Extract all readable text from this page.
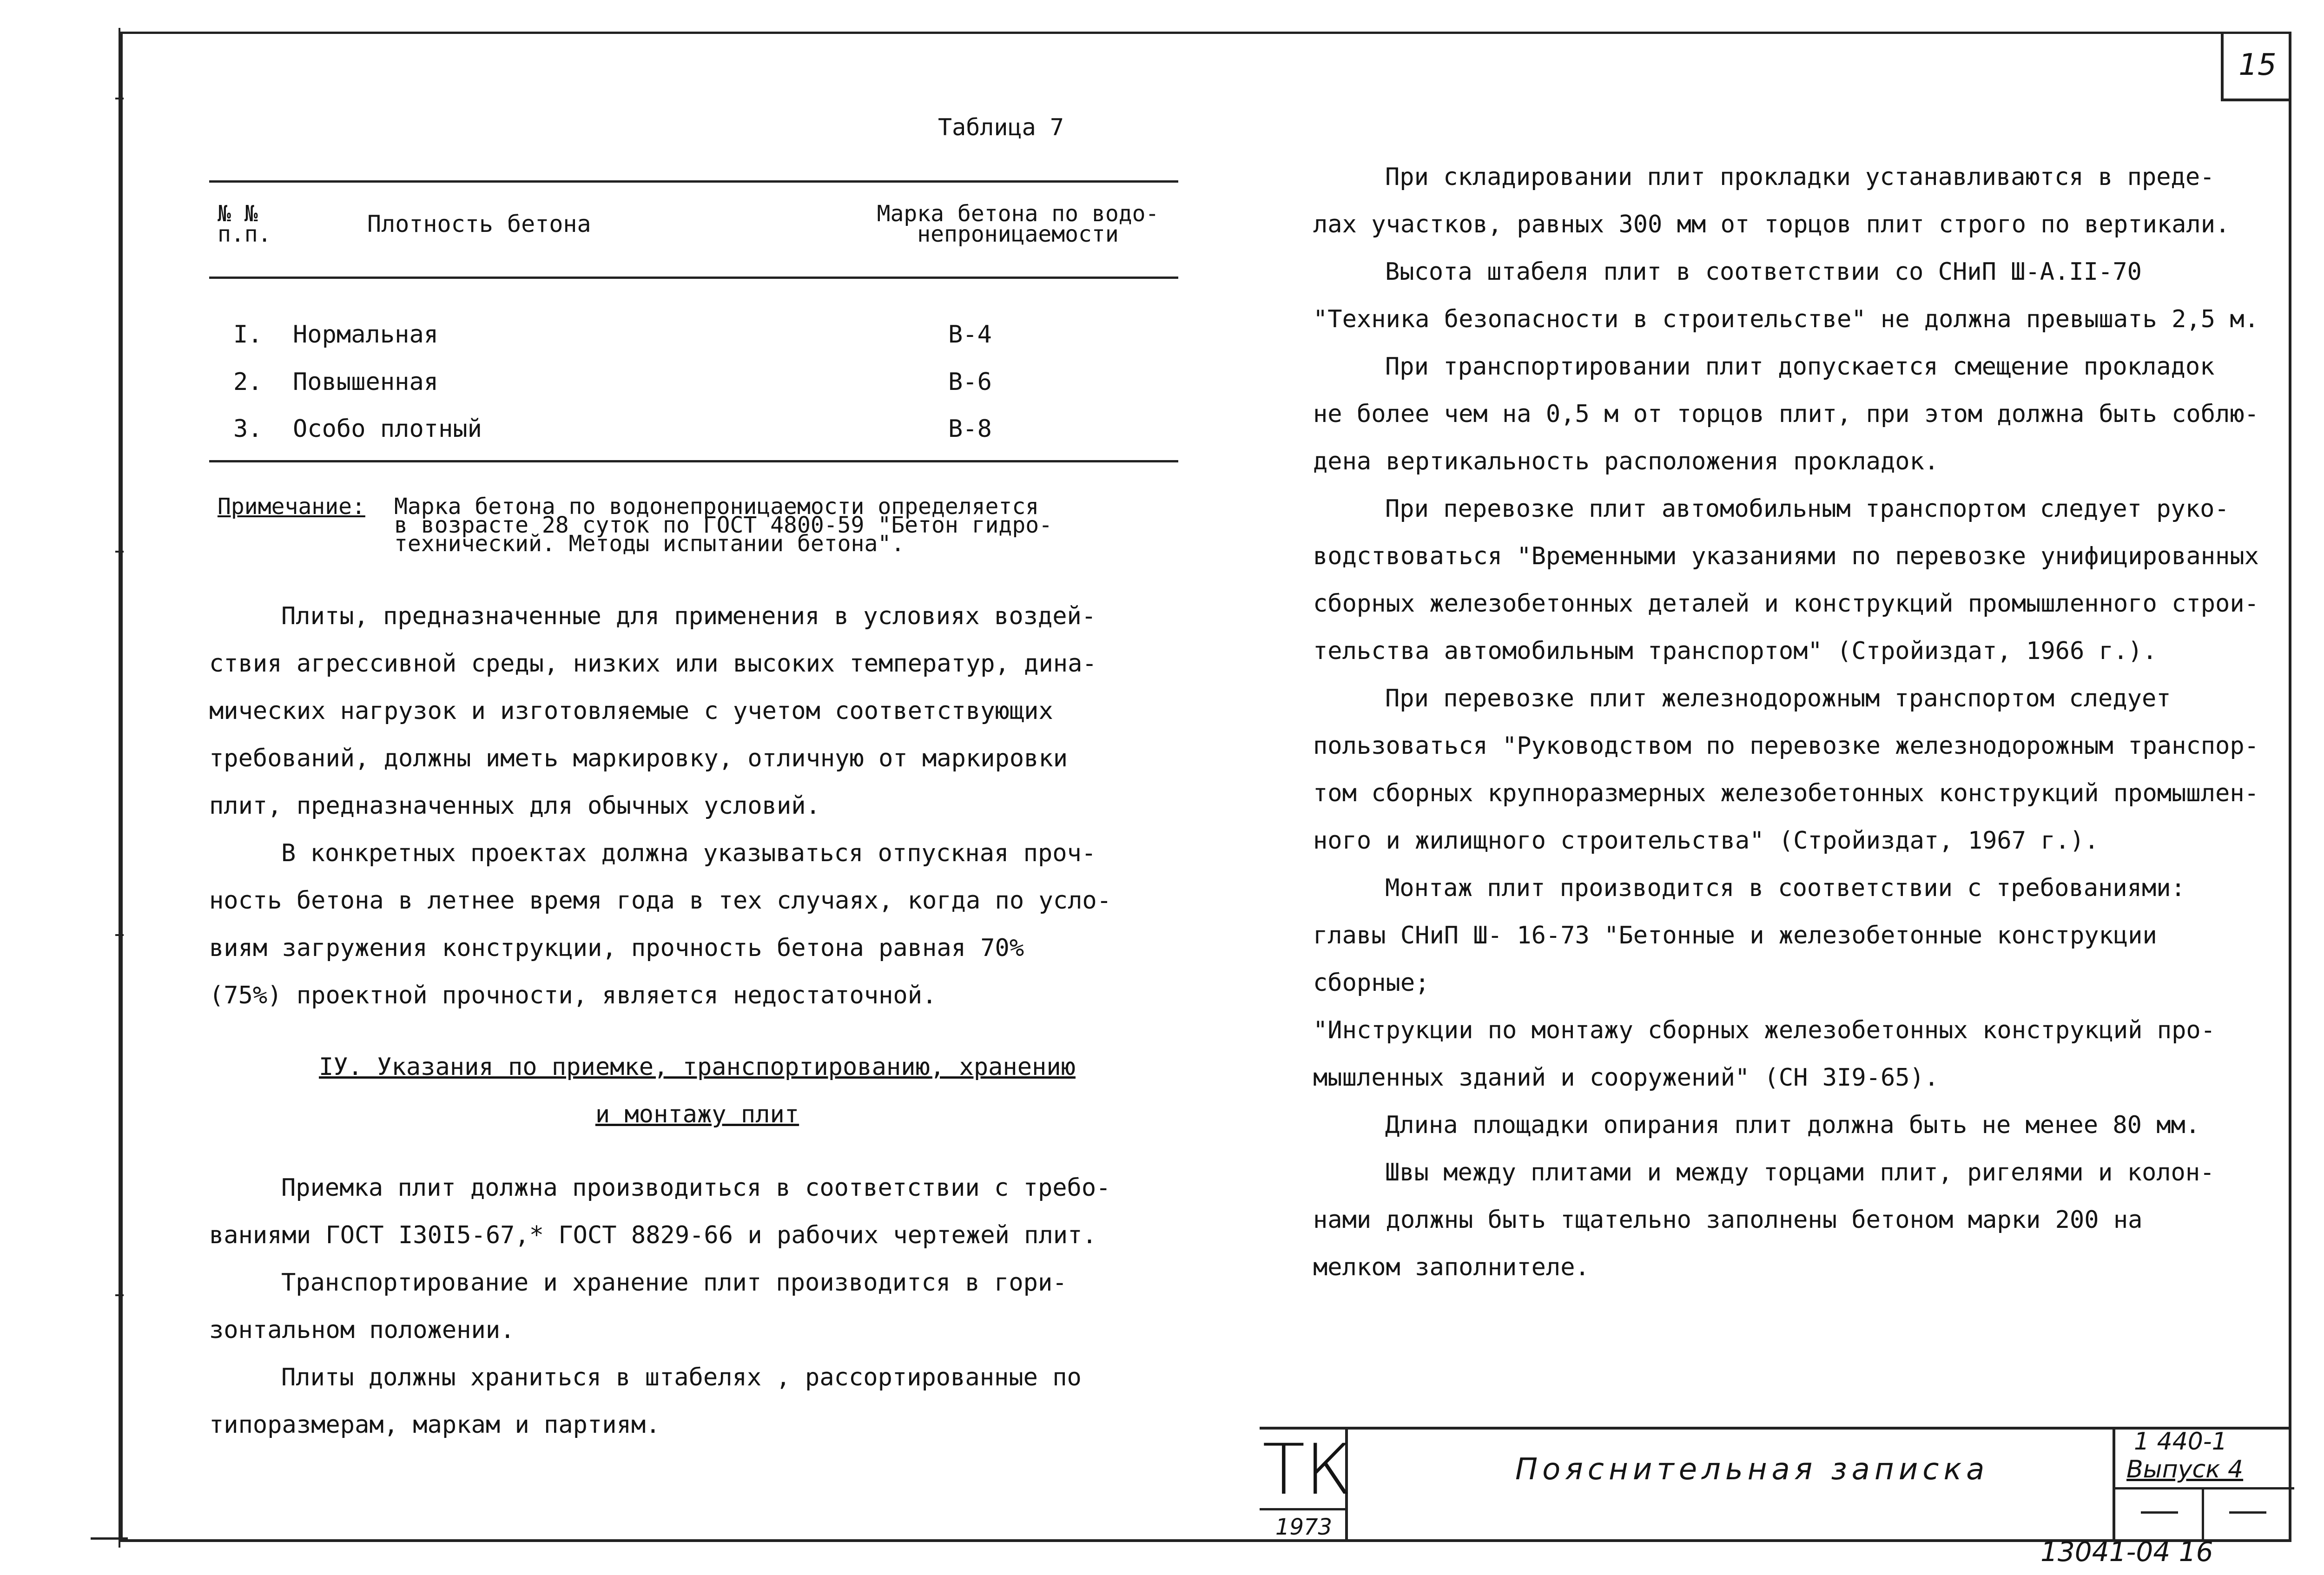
15
Таблица 7
№ №
п.п.	Плотность бетона	Марка бетона по водо-
непроницаемости
I. Нормальная	В-4
2. Повышенная	В-6
3. Особо плотный	В-8
Примечание: Марка бетона по водонепроницаемости определяется
в возрасте 28 суток по ГОСТ 4800-59 "Бетон гидро-
технический. Методы испытании бетона".

Плиты, предназначенные для применения в условиях воздей-

ствия агрессивной среды, низких или высоких температур, дина-

мических нагрузок и изготовляемые с учетом соответствующих

требований, должны иметь маркировку, отличную от маркировки

плит, предназначенных для обычных условий.

В конкретных проектах должна указываться отпускная проч-

ность бетона в летнее время года в тех случаях, когда по усло-

виям загружения конструкции, прочность бетона равная 70%

(75%) проектной прочности, является недостаточной.

IУ. Указания по приемке, транспортированию, хранению
и монтажу плит

Приемка плит должна производиться в соответствии с требо-

ваниями ГОСТ I30I5-67,* ГОСТ 8829-66 и рабочих чертежей плит.

Транспортирование и хранение плит производится в гори-

зонтальном положении.

Плиты должны храниться в штабелях , рассортированные по

типоразмерам, маркам и партиям.

При складировании плит прокладки устанавливаются в преде-

лах участков, равных 300 мм от торцов плит строго по вертикали.

Высота штабеля плит в соответствии со СНиП Ш-А.II-70

"Техника безопасности в строительстве" не должна превышать 2,5 м.

При транспортировании плит допускается смещение прокладок

не более чем на 0,5 м от торцов плит, при этом должна быть соблю-

дена вертикальность расположения прокладок.

При перевозке плит автомобильным транспортом следует руко-

водствоваться "Временными указаниями по перевозке унифицированных

сборных железобетонных деталей и конструкций промышленного строи-

тельства автомобильным транспортом" (Стройиздат, 1966 г.).

При перевозке плит железнодорожным транспортом следует

пользоваться "Руководством по перевозке железнодорожным транспор-

том сборных крупноразмерных железобетонных конструкций промышлен-

ного и жилищного строительства" (Стройиздат, 1967 г.).

Монтаж плит производится в соответствии с требованиями:

главы СНиП Ш- 16-73 "Бетонные и железобетонные конструкции

сборные;

"Инструкции по монтажу сборных железобетонных конструкций про-

мышленных зданий и сооружений" (СН 3I9-65).

Длина площадки опирания плит должна быть не менее 80 мм.

Швы между плитами и между торцами плит, ригелями и колон-

нами должны быть тщательно заполнены бетоном марки 200 на

мелком заполнителе.

ТК
1973
Пояснительная записка
1 440-1
Выпуск 4
13041-04 16
